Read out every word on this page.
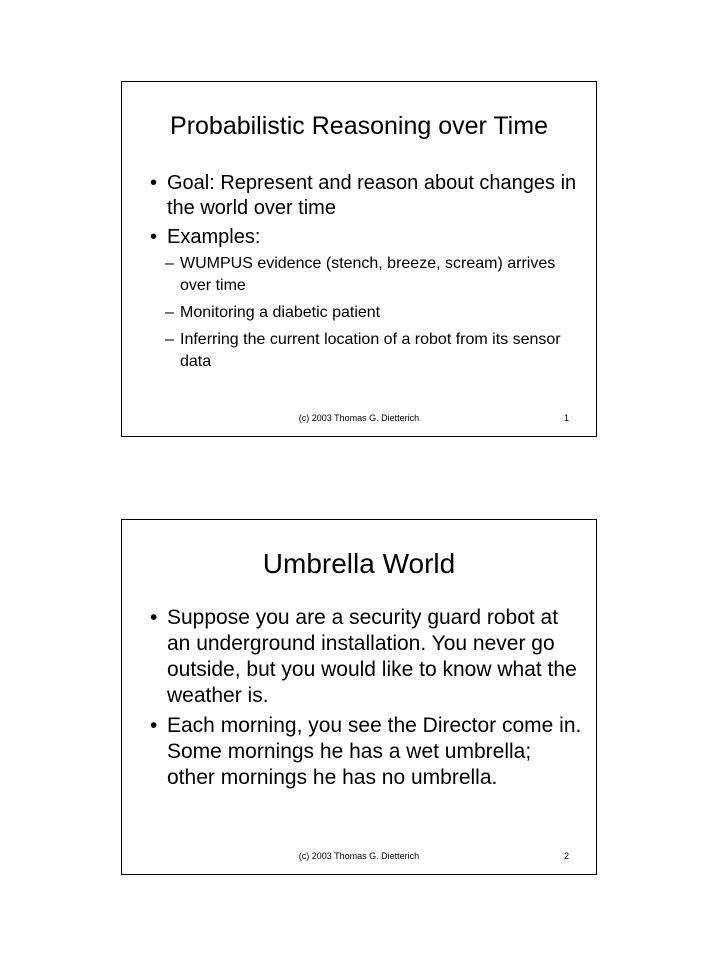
Probabilistic Reasoning over Time
• Goal: Represent and reason about changes in the world over time
• Examples:
– WUMPUS evidence (stench, breeze, scream) arrives over time
– Monitoring a diabetic patient
– Inferring the current location of a robot from its sensor data
(c) 2003 Thomas G. Dietterich	1
Umbrella World
• Suppose you are a security guard robot at an underground installation. You never go outside, but you would like to know what the weather is.
• Each morning, you see the Director come in. Some mornings he has a wet umbrella; other mornings he has no umbrella.
(c) 2003 Thomas G. Dietterich	2
